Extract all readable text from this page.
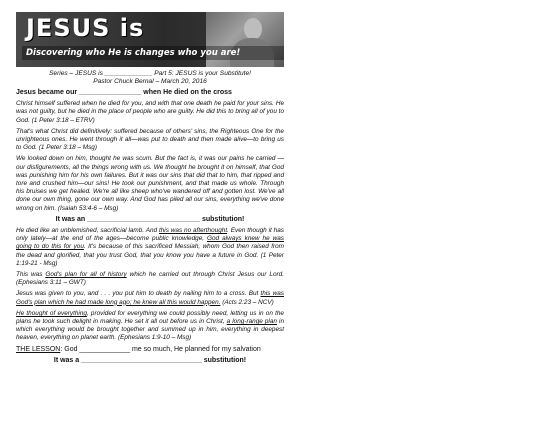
JESUS is
Discovering who He is changes who you are!
Series – JESUS is _____________ Part 5: JESUS is your Substitute!
Pastor Chuck Bernal – March 20, 2016
Jesus became our ________________ when He died on the cross
Christ himself suffered when he died for you, and with that one death he paid for your sins. He was not guilty, but he died in the place of people who are guilty. He did this to bring all of you to God. (1 Peter 3:18 – ETRV)
That's what Christ did definitively: suffered because of others' sins, the Righteous One for the unrighteous ones. He went through it all—was put to death and then made alive—to bring us to God. (1 Peter 3:18 – Msg)
We looked down on him, thought he was scum. But the fact is, it was our pains he carried — our disfigurements, all the things wrong with us. We thought he brought it on himself, that God was punishing him for his own failures. But it was our sins that did that to him, that ripped and tore and crushed him—our sins! He took our punishment, and that made us whole. Through his bruises we get healed. We're all like sheep who've wandered off and gotten lost. We've all done our own thing, gone our own way. And God has piled all our sins, everything we've done wrong on him. (Isaiah 53:4-6 – Msg)
It was an _____________________________ substitution!
He died like an unblemished, sacrificial lamb. And this was no afterthought. Even though it has only lately—at the end of the ages—become public knowledge, God always knew he was going to do this for you. It's because of this sacrificed Messiah, whom God then raised from the dead and glorified, that you trust God, that you know you have a future in God. (1 Peter 1:19-21 - Msg)
This was God's plan for all of history which he carried out through Christ Jesus our Lord. (Ephesians 3:11 – GWT)
Jesus was given to you, and . . . you put him to death by nailing him to a cross. But this was God's plan which he had made long ago; he knew all this would happen. (Acts 2:23 – NCV)
He thought of everything, provided for everything we could possibly need, letting us in on the plans he took such delight in making. He set it all out before us in Christ, a long-range plan in which everything would be brought together and summed up in him, everything in deepest heaven, everything on planet earth. (Ephesians 1:9-10 – Msg)
THE LESSON: God _____________ me so much, He planned for my salvation
It was a _______________________________ substitution!
